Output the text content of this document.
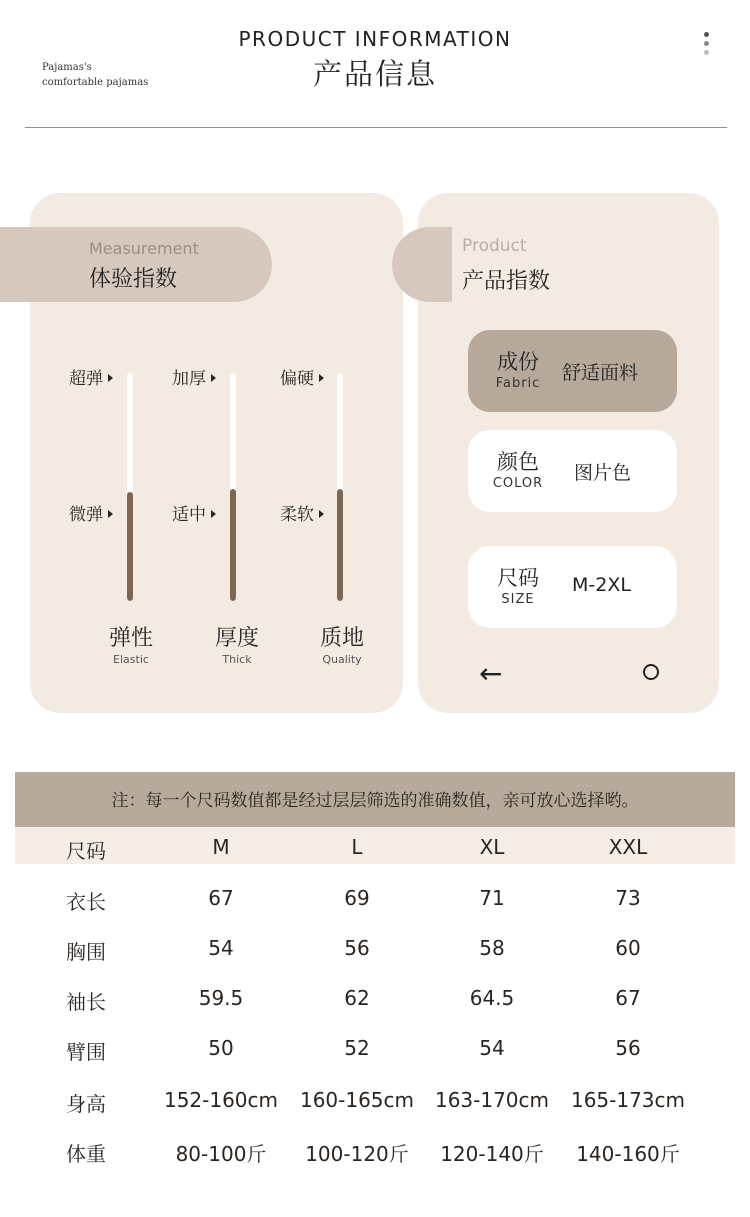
Pajamas's
comfortable pajamas
PRODUCT INFORMATION
产品信息
Measurement
体验指数
Product
产品指数
超弹
微弹
弹性
Elastic
加厚
适中
厚度
Thick
偏硬
柔软
质地
Quality
成份
Fabric	舒适面料
颜色
COLOR	图片色
尺码
SIZE
M-2XL
←
注：每一个尺码数值都是经过层层筛选的准确数值，亲可放心选择哟。
尺码	M	L	XL	XXL
衣长	67	69	71	73
胸围	54	56	58	60
袖长	59.5	62	64.5	67
臂围	50	52	54	56
身高	152-160cm	160-165cm	163-170cm	165-173cm
体重	80-100斤	100-120斤	120-140斤	140-160斤
